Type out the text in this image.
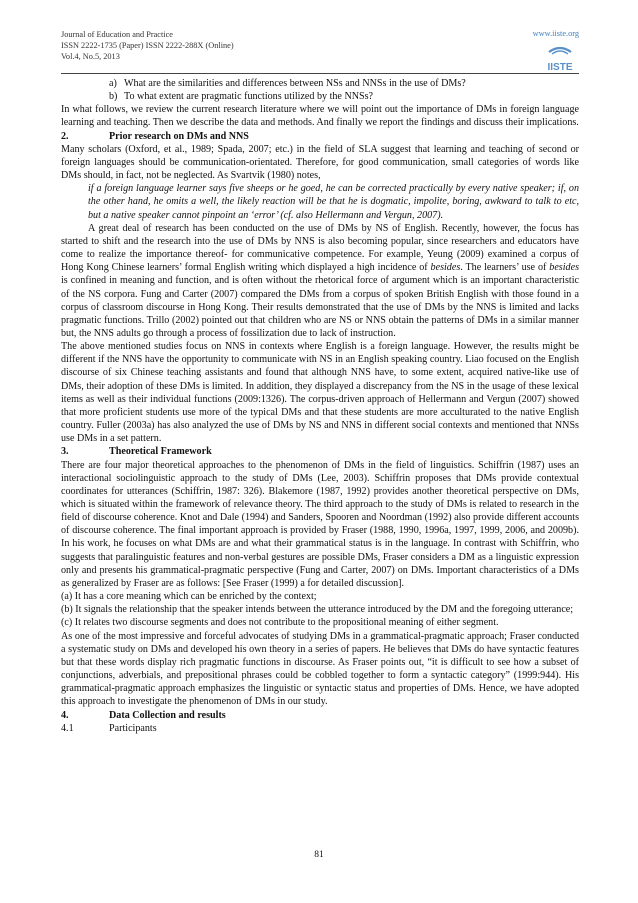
Journal of Education and Practice
ISSN 2222-1735 (Paper) ISSN 2222-288X (Online)
Vol.4, No.5, 2013
www.iiste.org
IISTE

a) What are the similarities and differences between NSs and NNSs in the use of DMs?

b) To what extent are pragmatic functions utilized by the NNSs?

In what follows, we review the current research literature where we will point out the importance of DMs in foreign language learning and teaching. Then we describe the data and methods. And finally we report the findings and discuss their implications.

2.	Prior research on DMs and NNS

Many scholars (Oxford, et al., 1989; Spada, 2007; etc.) in the field of SLA suggest that learning and teaching of second or foreign languages should be communication-orientated. Therefore, for good communication, small categories of words like DMs should, in fact, not be neglected. As Svartvik (1980) notes,

if a foreign language learner says five sheeps or he goed, he can be corrected practically by every native speaker; if, on the other hand, he omits a well, the likely reaction will be that he is dogmatic, impolite, boring, awkward to talk to etc, but a native speaker cannot pinpoint an ‘error’ (cf. also Hellermann and Vergun, 2007).

A great deal of research has been conducted on the use of DMs by NS of English. Recently, however, the focus has started to shift and the research into the use of DMs by NNS is also becoming popular, since researchers and educators have come to realize the importance thereof- for communicative competence. For example, Yeung (2009) examined a corpus of Hong Kong Chinese learners’ formal English writing which displayed a high incidence of besides. The learners’ use of besides is confined in meaning and function, and is often without the rhetorical force of argument which is an important characteristic of the NS corpora. Fung and Carter (2007) compared the DMs from a corpus of spoken British English with those found in a corpus of classroom discourse in Hong Kong. Their results demonstrated that the use of DMs by the NNS is limited and lacks pragmatic functions. Trillo (2002) pointed out that children who are NS or NNS obtain the patterns of DMs in a similar manner but, the NNS adults go through a process of fossilization due to lack of instruction.

The above mentioned studies focus on NNS in contexts where English is a foreign language. However, the results might be different if the NNS have the opportunity to communicate with NS in an English speaking country. Liao focused on the English discourse of six Chinese teaching assistants and found that although NNS have, to some extent, acquired native-like use of DMs, their adoption of these DMs is limited. In addition, they displayed a discrepancy from the NS in the usage of these lexical items as well as their individual functions (2009:1326). The corpus-driven approach of Hellermann and Vergun (2007) showed that more proficient students use more of the typical DMs and that these students are more acculturated to the native English country. Fuller (2003a) has also analyzed the use of DMs by NS and NNS in different social contexts and mentioned that NNSs use DMs in a set pattern.

3.	Theoretical Framework

There are four major theoretical approaches to the phenomenon of DMs in the field of linguistics. Schiffrin (1987) uses an interactional sociolinguistic approach to the study of DMs (Lee, 2003). Schiffrin proposes that DMs provide contextual coordinates for utterances (Schiffrin, 1987: 326). Blakemore (1987, 1992) provides another theoretical perspective on DMs, which is situated within the framework of relevance theory. The third approach to the study of DMs is related to research in the field of discourse coherence. Knot and Dale (1994) and Sanders, Spooren and Noordman (1992) also provide different accounts of discourse coherence. The final important approach is provided by Fraser (1988, 1990, 1996a, 1997, 1999, 2006, and 2009b). In his work, he focuses on what DMs are and what their grammatical status is in the language. In contrast with Schiffrin, who suggests that paralinguistic features and non-verbal gestures are possible DMs, Fraser considers a DM as a linguistic expression only and presents his grammatical-pragmatic perspective (Fung and Carter, 2007) on DMs. Important characteristics of a DMs as generalized by Fraser are as follows: [See Fraser (1999) a for detailed discussion].

(a) It has a core meaning which can be enriched by the context;

(b) It signals the relationship that the speaker intends between the utterance introduced by the DM and the foregoing utterance;

(c) It relates two discourse segments and does not contribute to the propositional meaning of either segment.

As one of the most impressive and forceful advocates of studying DMs in a grammatical-pragmatic approach; Fraser conducted a systematic study on DMs and developed his own theory in a series of papers. He believes that DMs do have syntactic features but that these words display rich pragmatic functions in discourse. As Fraser points out, “it is difficult to see how a subset of conjunctions, adverbials, and prepositional phrases could be cobbled together to form a syntactic category” (1999:944). His grammatical-pragmatic approach emphasizes the linguistic or syntactic status and properties of DMs. Hence, we have adopted this approach to investigate the phenomenon of DMs in our study.

4.	Data Collection and results

4.1	Participants

81
